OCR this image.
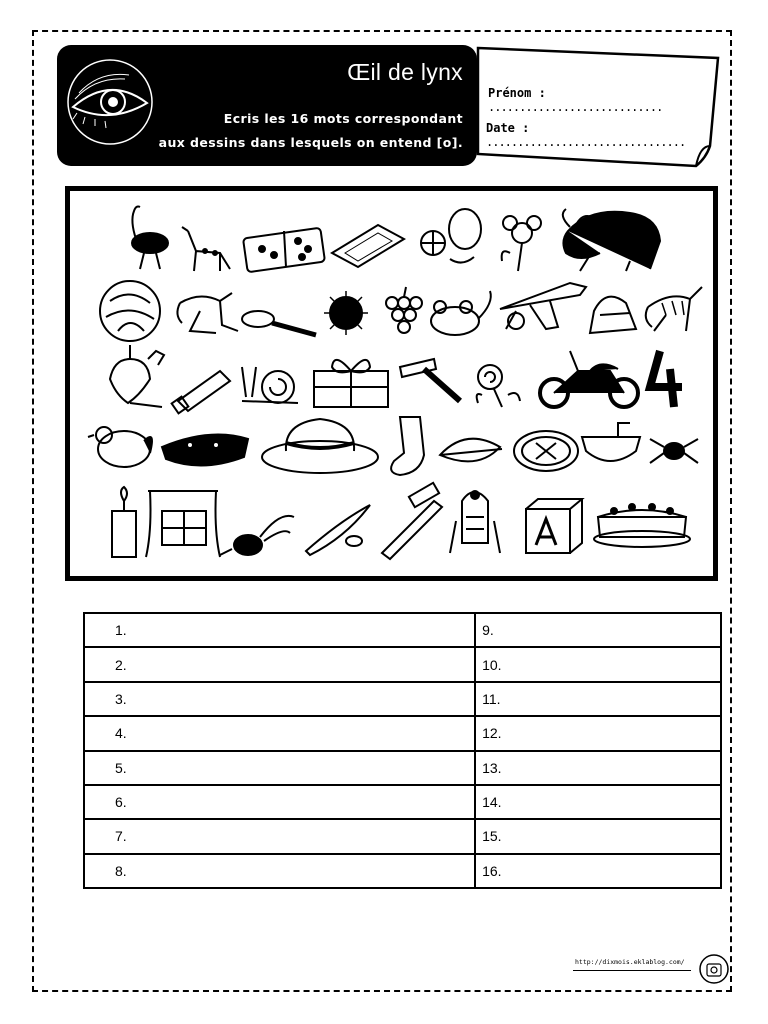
Œil de lynx
Ecris les 16 mots correspondant
aux dessins dans lesquels on entend [o].
Prénom : ............................
Date : ................................
1.	9.
2.	10.
3.	11.
4.	12.
5.	13.
6.	14.
7.	15.
8.	16.
http://dixmois.eklablog.com/
